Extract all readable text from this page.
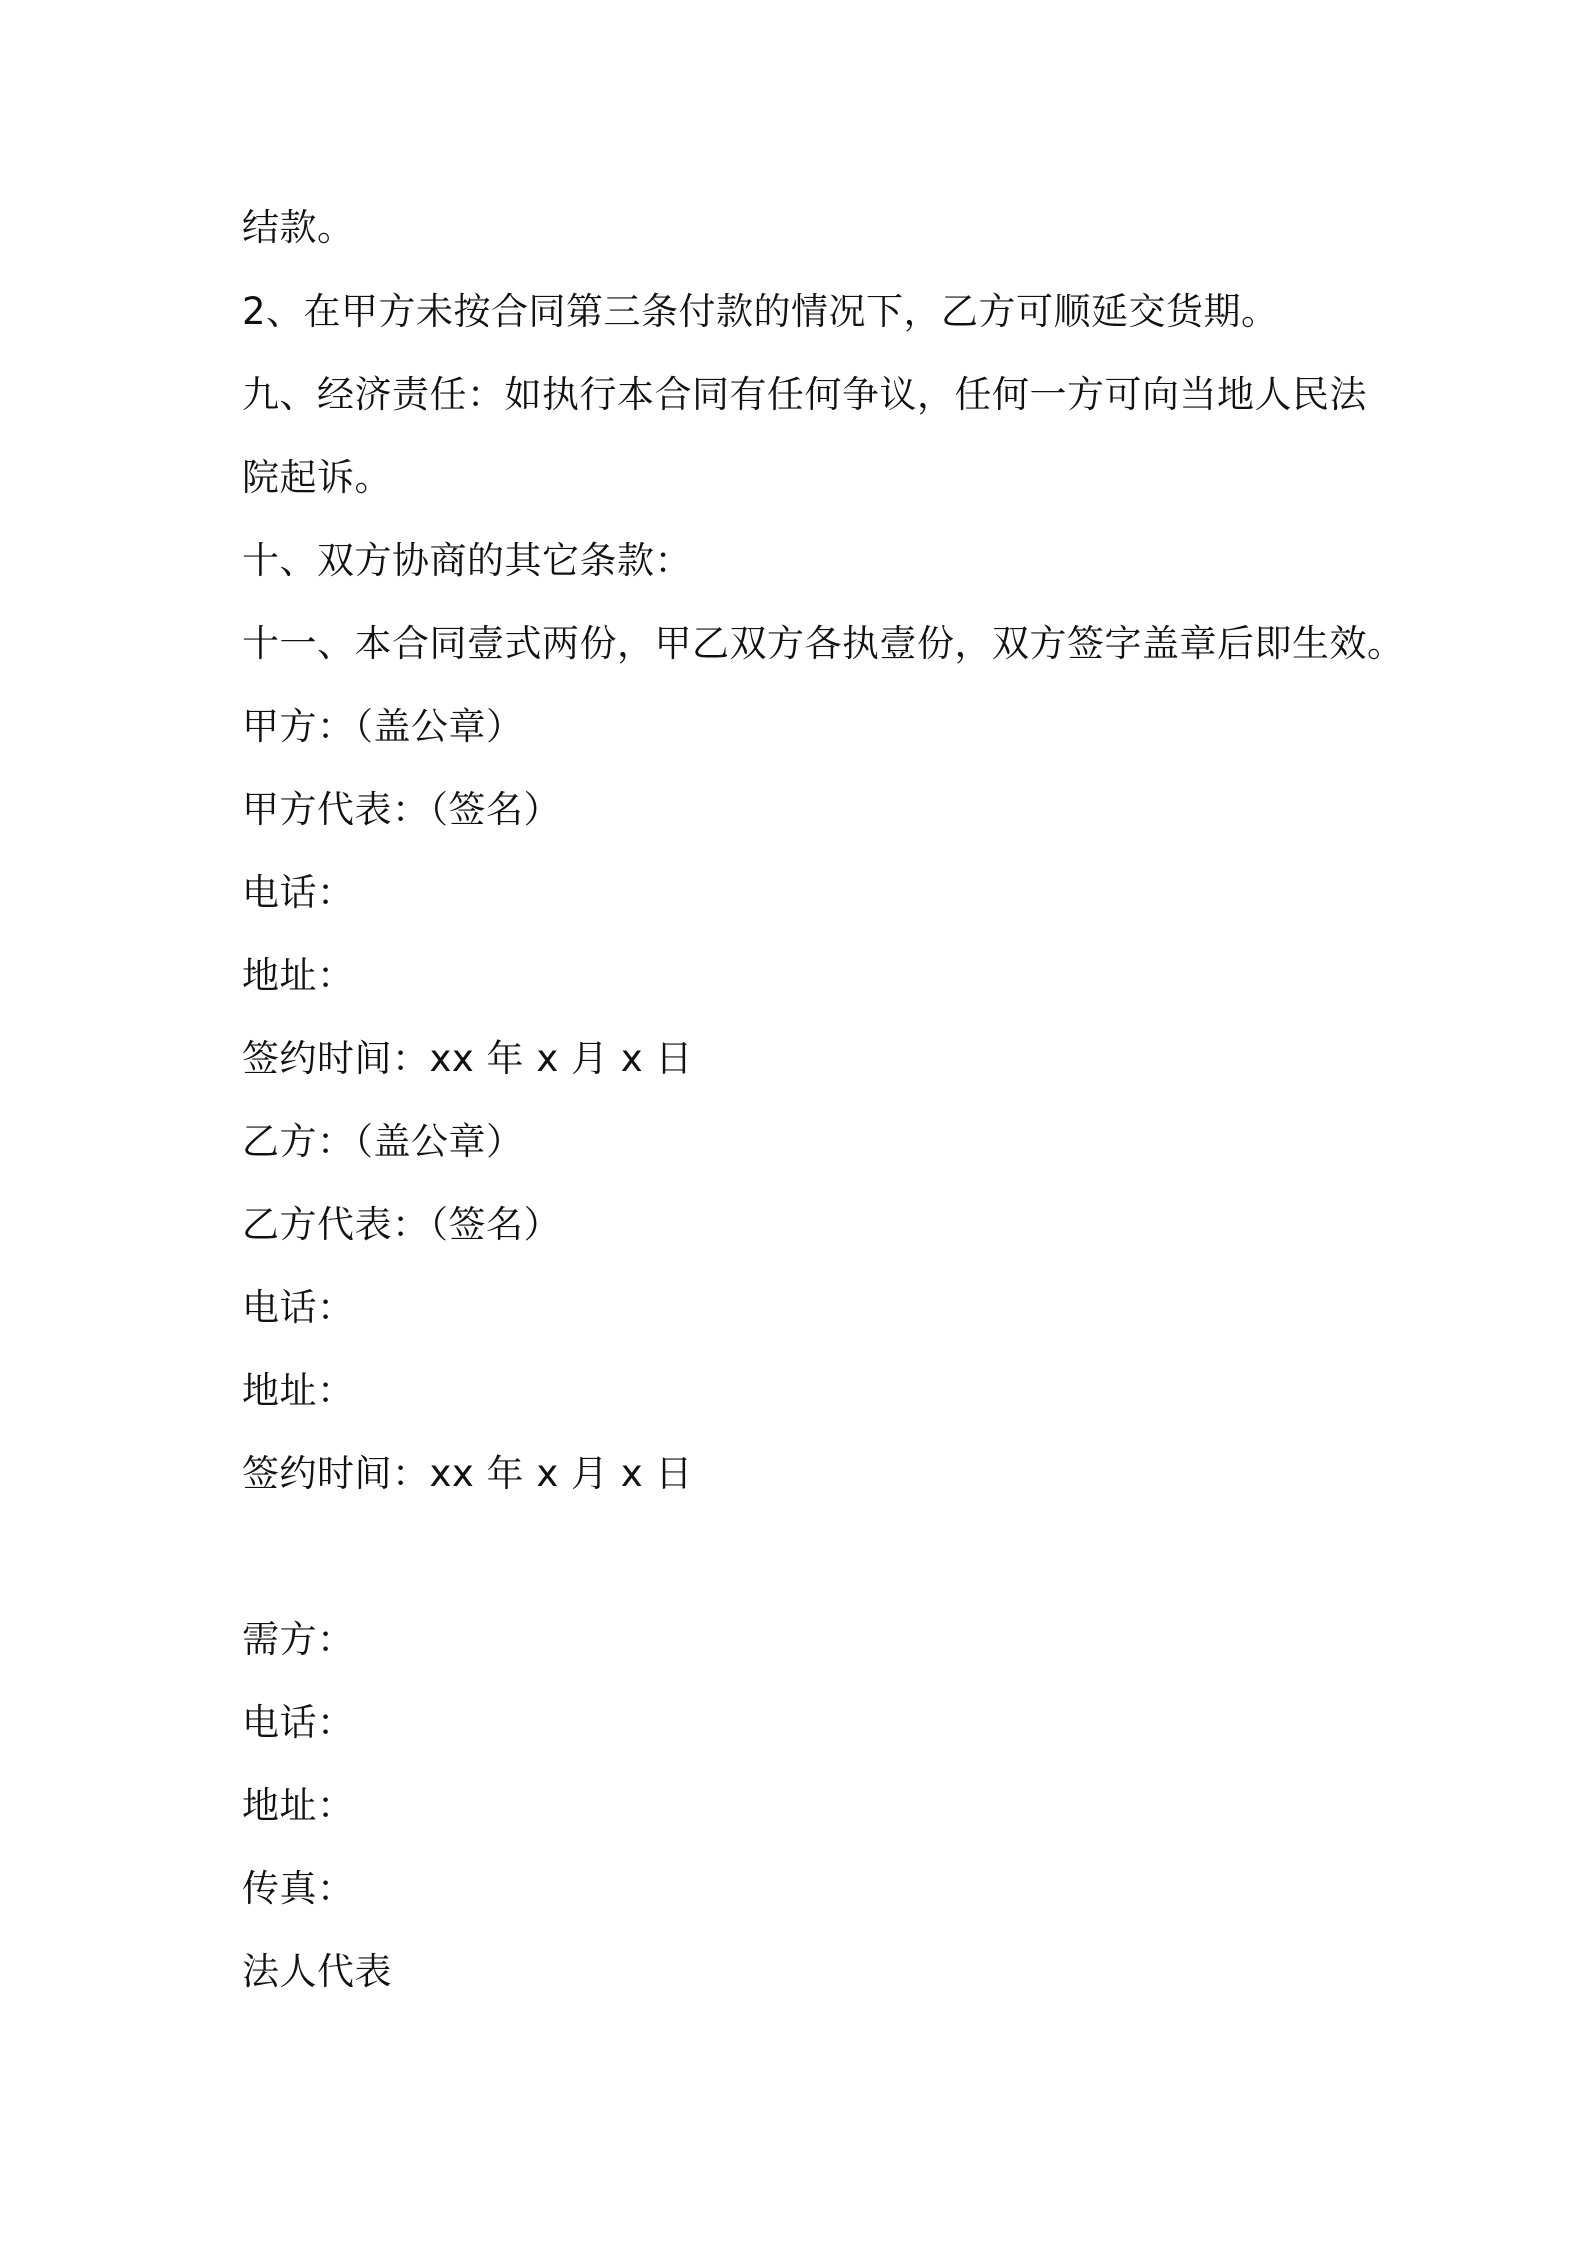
结款。
2、在甲方未按合同第三条付款的情况下，乙方可顺延交货期。
九、经济责任：如执行本合同有任何争议，任何一方可向当地人民法
院起诉。
十、双方协商的其它条款：
十一、本合同壹式两份，甲乙双方各执壹份，双方签字盖章后即生效。
甲方：（盖公章）
甲方代表：（签名）
电话：
地址：
签约时间：xx 年 x 月 x 日
乙方：（盖公章）
乙方代表：（签名）
电话：
地址：
签约时间：xx 年 x 月 x 日
需方：
电话：
地址：
传真：
法人代表
